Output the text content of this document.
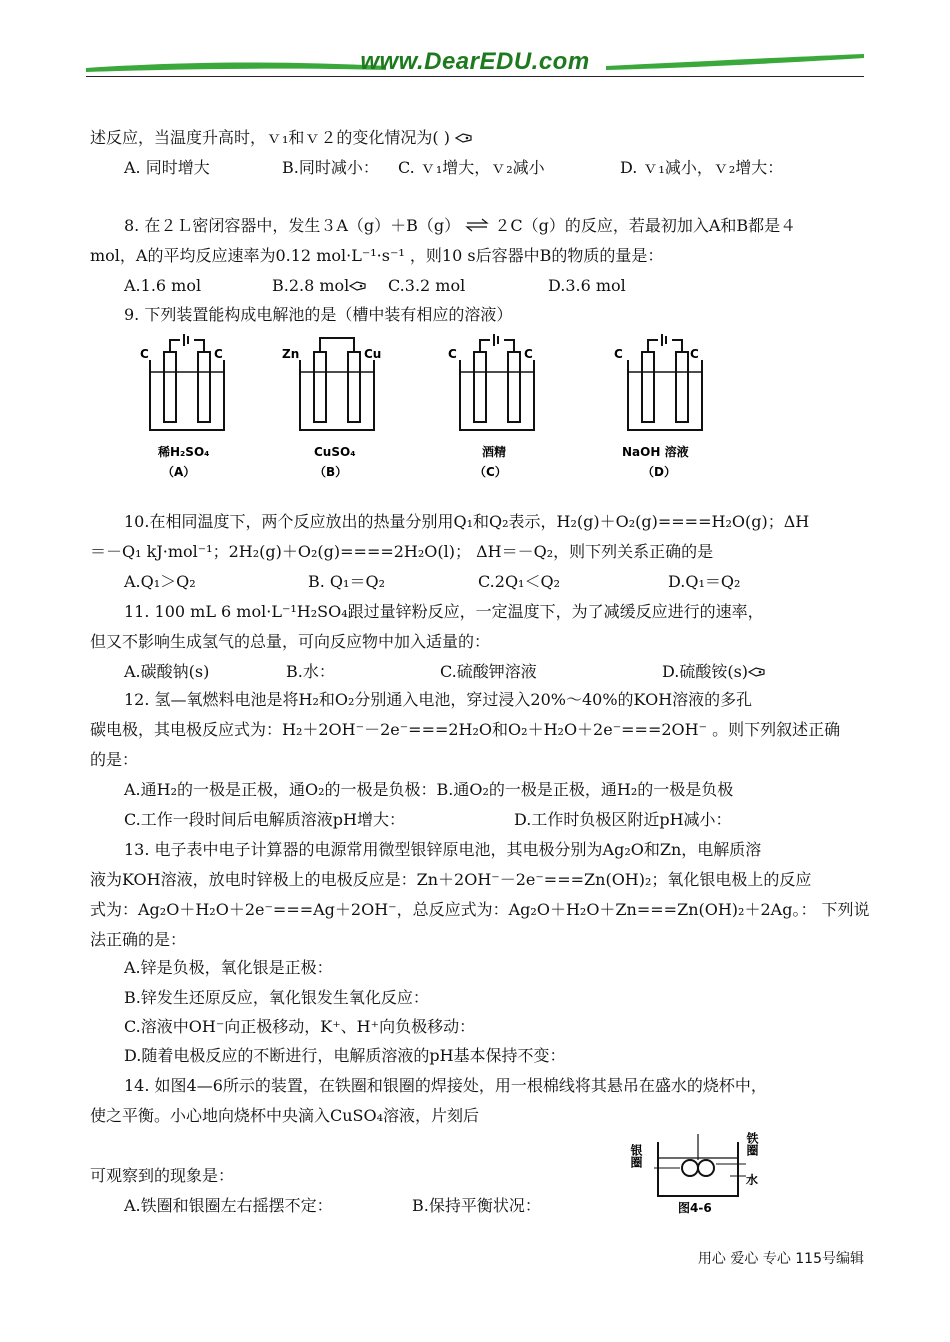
www.DearEDU.com
述反应，当温度升高时，ｖ₁和ｖ２的变化情况为( )
A. 同时增大	B.同时减小： C. ｖ₁增大，ｖ₂减小	D. ｖ₁减小，ｖ₂增大：
8. 在２Ｌ密闭容器中，发生３A（g）＋B（g） ⇌ ２C（g）的反应，若最初加入A和B都是４
mol，A的平均反应速率为0.12 mol·L⁻¹·s⁻¹ ，则10 s后容器中B的物质的量是：
A.1.6 mol	B.2.8 mol C.3.2 mol	D.3.6 mol
9. 下列装置能构成电解池的是（槽中装有相应的溶液）
C	C
稀H₂SO₄
（A）
Zn	Cu
CuSO₄
（B）
C	C
酒精
（C）
C	C
NaOH 溶液
（D）
10.在相同温度下，两个反应放出的热量分别用Q₁和Q₂表示，H₂(g)＋O₂(g)====H₂O(g)；ΔH
＝－Q₁ kJ·mol⁻¹；2H₂(g)＋O₂(g)====2H₂O(l)； ΔH＝－Q₂，则下列关系正确的是
A.Q₁＞Q₂	B. Q₁＝Q₂	C.2Q₁＜Q₂	D.Q₁＝Q₂
11. 100 mL 6 mol·L⁻¹H₂SO₄跟过量锌粉反应，一定温度下，为了减缓反应进行的速率，
但又不影响生成氢气的总量，可向反应物中加入适量的：
A.碳酸钠(s)	B.水：	C.硫酸钾溶液	D.硫酸铵(s)
12. 氢—氧燃料电池是将H₂和O₂分别通入电池，穿过浸入20%～40%的KOH溶液的多孔
碳电极，其电极反应式为：H₂＋2OH⁻－2e⁻===2H₂O和O₂＋H₂O＋2e⁻===2OH⁻ 。则下列叙述正确
的是：
A.通H₂的一极是正极，通O₂的一极是负极：B.通O₂的一极是正极，通H₂的一极是负极
C.工作一段时间后电解质溶液pH增大：	D.工作时负极区附近pH减小：
13. 电子表中电子计算器的电源常用微型银锌原电池，其电极分别为Ag₂O和Zn，电解质溶
液为KOH溶液，放电时锌极上的电极反应是：Zn＋2OH⁻－2e⁻===Zn(OH)₂；氧化银电极上的反应
式为：Ag₂O＋H₂O＋2e⁻===Ag＋2OH⁻，总反应式为：Ag₂O＋H₂O＋Zn===Zn(OH)₂＋2Ag。： 下列说
法正确的是：
A.锌是负极，氧化银是正极：
B.锌发生还原反应，氧化银发生氧化反应：
C.溶液中OH⁻向正极移动，K⁺、H⁺向负极移动：
D.随着电极反应的不断进行，电解质溶液的pH基本保持不变：
14. 如图4—6所示的装置，在铁圈和银圈的焊接处，用一根棉线将其悬吊在盛水的烧杯中，
使之平衡。小心地向烧杯中央滴入CuSO₄溶液，片刻后
可观察到的现象是：
A.铁圈和银圈左右摇摆不定：	B.保持平衡状况：
银圈	铁圈
水
图4-6
用心 爱心 专心 115号编辑
